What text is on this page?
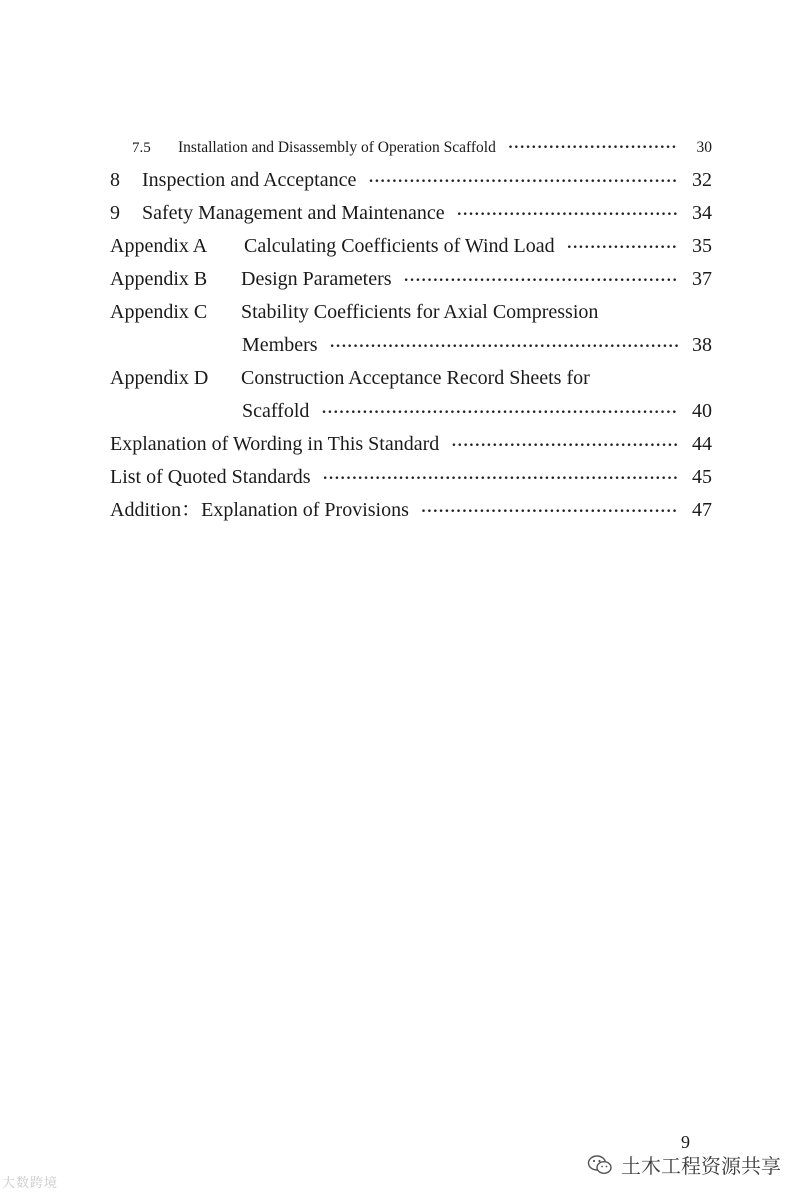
7.5 Installation and Disassembly of Operation Scaffold ·····	30
8 Inspection and Acceptance ·····	32
9 Safety Management and Maintenance ·····	34
Appendix A Calculating Coefficients of Wind Load ·····	35
Appendix B Design Parameters ·····	37
Appendix C Stability Coefficients for Axial Compression
Members ·····	38
Appendix D Construction Acceptance Record Sheets for
Scaffold ·····	40
Explanation of Wording in This Standard ·····	44
List of Quoted Standards ·····	45
Addition：Explanation of Provisions ·····	47
9
大数跨境
土木工程资源共享
